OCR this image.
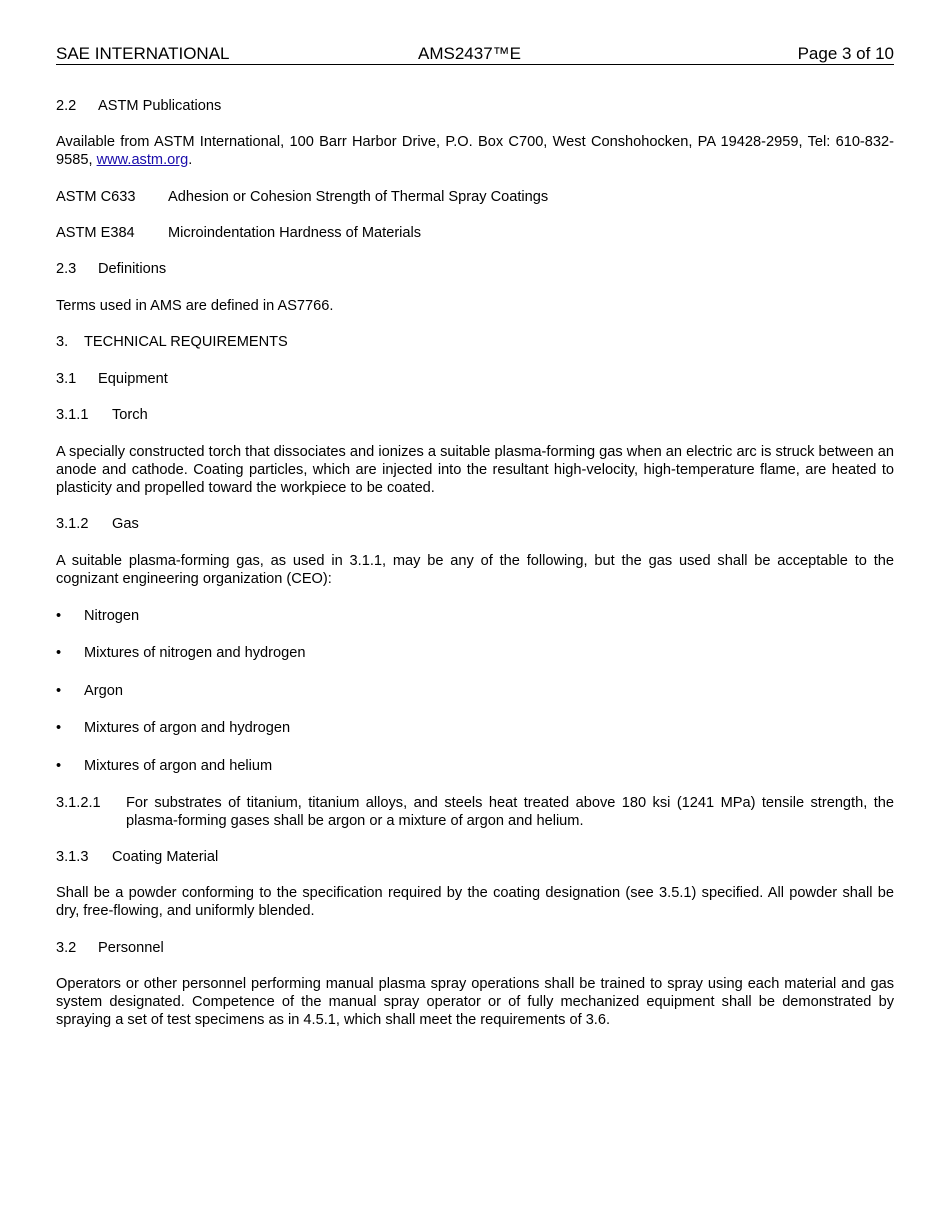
SAE INTERNATIONAL	AMS2437™E	Page 3 of 10
2.2 ASTM Publications

Available from ASTM International, 100 Barr Harbor Drive, P.O. Box C700, West Conshohocken, PA 19428-2959, Tel: 610-832-9585, www.astm.org.

ASTM C633	Adhesion or Cohesion Strength of Thermal Spray Coatings
ASTM E384	Microindentation Hardness of Materials
2.3 Definitions

Terms used in AMS are defined in AS7766.

3. TECHNICAL REQUIREMENTS
3.1 Equipment
3.1.1 Torch

A specially constructed torch that dissociates and ionizes a suitable plasma-forming gas when an electric arc is struck between an anode and cathode. Coating particles, which are injected into the resultant high-velocity, high-temperature flame, are heated to plasticity and propelled toward the workpiece to be coated.

3.1.2 Gas

A suitable plasma-forming gas, as used in 3.1.1, may be any of the following, but the gas used shall be acceptable to the cognizant engineering organization (CEO):

•	Nitrogen
•	Mixtures of nitrogen and hydrogen
•	Argon
•	Mixtures of argon and hydrogen
•	Mixtures of argon and helium
3.1.2.1	For substrates of titanium, titanium alloys, and steels heat treated above 180 ksi (1241 MPa) tensile strength, the plasma-forming gases shall be argon or a mixture of argon and helium.
3.1.3 Coating Material

Shall be a powder conforming to the specification required by the coating designation (see 3.5.1) specified. All powder shall be dry, free-flowing, and uniformly blended.

3.2 Personnel

Operators or other personnel performing manual plasma spray operations shall be trained to spray using each material and gas system designated. Competence of the manual spray operator or of fully mechanized equipment shall be demonstrated by spraying a set of test specimens as in 4.5.1, which shall meet the requirements of 3.6.
